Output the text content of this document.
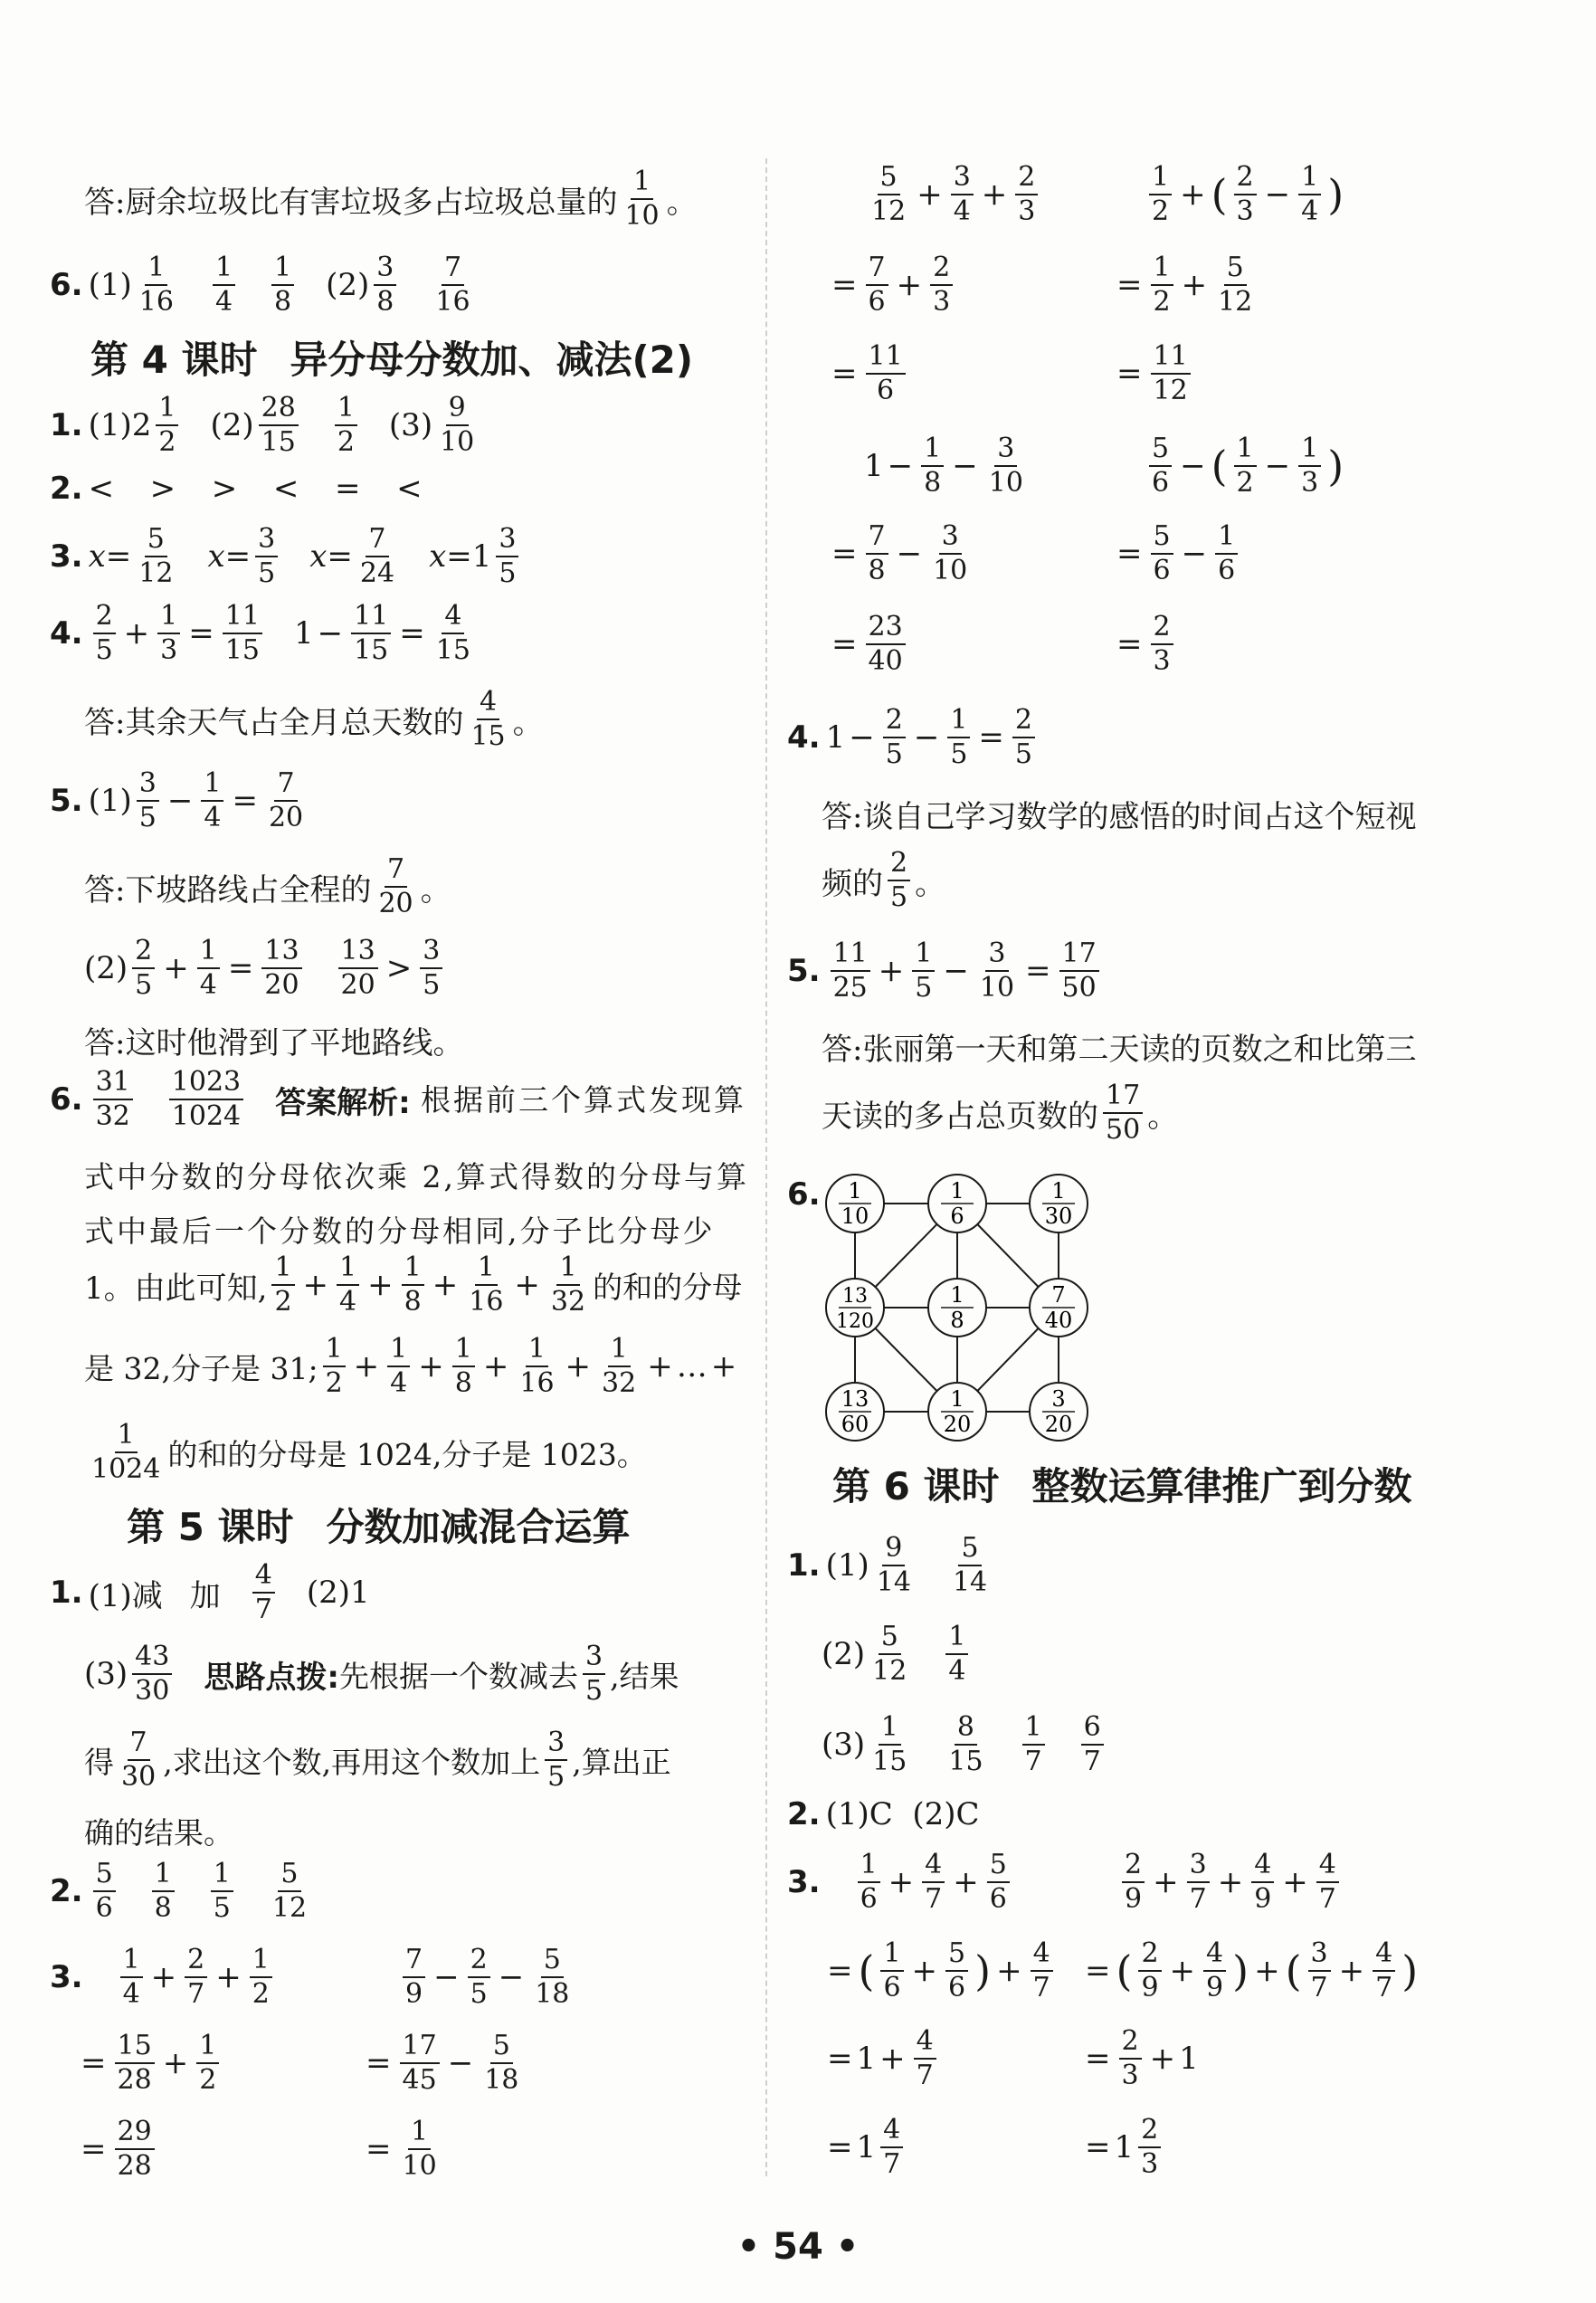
答:厨余垃圾比有害垃圾多占垃圾总量的 $\frac{1}{10}$ 。
6. $(1) \frac{1}{16} \frac{1}{4} \frac{1}{8} (2) \frac{3}{8} \frac{7}{16}$
第 4 课时 异分母分数加、减法(2)
1. $(1)2 \frac{1}{2} (2) \frac{28}{15} \frac{1}{2} (3) \frac{9}{10}$
2. <  >  >  <  =  <
3. $x= \frac{5}{12} x= \frac{3}{5} x= \frac{7}{24} x= 1 \frac{3}{5}$
4. $\frac{2}{5} + \frac{1}{3} = \frac{11}{15} 1 - \frac{11}{15} = \frac{4}{15}$
答:其余天气占全月总天数的 $\frac{4}{15}$ 。
5. $(1) \frac{3}{5} - \frac{1}{4} = \frac{7}{20}$
答:下坡路线占全程的 $\frac{7}{20}$ 。
$(2) \frac{2}{5} + \frac{1}{4} = \frac{13}{20} \frac{13}{20} > \frac{3}{5}$
答:这时他滑到了平地路线。
6. $\frac{31}{32} \frac{1023}{1024}$ 答案解析: 根据前三个算式发现算
式中分数的分母依次乘 2,算式得数的分母与算
式中最后一个分数的分母相同,分子比分母少
1。由此可知, $\frac{1}{2} + \frac{1}{4} + \frac{1}{8} + \frac{1}{16} + \frac{1}{32}$ 的和的分母
是 32,分子是 31; $\frac{1}{2} + \frac{1}{4} + \frac{1}{8} + \frac{1}{16} + \frac{1}{32}$ + … +
$\frac{1}{1024}$ 的和的分母是 1024,分子是 1023。
第 5 课时 分数加减混合运算
1. (1)减 加 $\frac{4}{7} (2)1$
$(3) \frac{43}{30}$ 思路点拨: 先根据一个数减去 $\frac{3}{5}$ ,结果
得 $\frac{7}{30}$ ,求出这个数,再用这个数加上 $\frac{3}{5}$ ,算出正
确的结果。
2. $\frac{5}{6} \frac{1}{8} \frac{1}{5} \frac{5}{12}$
3. $\frac{1}{4} + \frac{2}{7} + \frac{1}{2}$	$\frac{7}{9} - \frac{2}{5} - \frac{5}{18}$
= $\frac{15}{28} + \frac{1}{2}$	= $\frac{17}{45} - \frac{5}{18}$
= $\frac{29}{28}$	= $\frac{1}{10}$
$\frac{5}{12} + \frac{3}{4} + \frac{2}{3}$	$\frac{1}{2}$ + ( $\frac{2}{3} - \frac{1}{4}$ )
= $\frac{7}{6} + \frac{2}{3}$	= $\frac{1}{2} + \frac{5}{12}$
= $\frac{11}{6}$	= $\frac{11}{12}$
$1 - \frac{1}{8} - \frac{3}{10}$	$\frac{5}{6}$ − ( $\frac{1}{2} - \frac{1}{3}$ )
= $\frac{7}{8} - \frac{3}{10}$	= $\frac{5}{6} - \frac{1}{6}$
= $\frac{23}{40}$	= $\frac{2}{3}$
4. $1 - \frac{2}{5} - \frac{1}{5} = \frac{2}{5}$
答:谈自己学习数学的感悟的时间占这个短视
频的 $\frac{2}{5}$ 。
5. $\frac{11}{25} + \frac{1}{5} - \frac{3}{10} = \frac{17}{50}$
答:张丽第一天和第二天读的页数之和比第三
天读的多占总页数的 $\frac{17}{50}$ 。
6. 1
10
1
6
1
30
13
120
1
8
7
40
13
60
1
20
3
20
第 6 课时 整数运算律推广到分数
1. $(1) \frac{9}{14} \frac{5}{14}$
$(2) \frac{5}{12} \frac{1}{4}$
$(3) \frac{1}{15} \frac{8}{15} \frac{1}{7} \frac{6}{7}$
2. (1)C  (2)C
3. $\frac{1}{6} + \frac{4}{7} + \frac{5}{6}$	$\frac{2}{9} + \frac{3}{7} + \frac{4}{9} + \frac{4}{7}$
= ( $\frac{1}{6} + \frac{5}{6}$ ) + $\frac{4}{7}$ = ( $\frac{2}{9} + \frac{4}{9}$ ) + ( $\frac{3}{7} + \frac{4}{7}$ )
= $1 + \frac{4}{7}$	= $\frac{2}{3} + 1$
= $1 \frac{4}{7}$	= $1 \frac{2}{3}$
• 54 •
